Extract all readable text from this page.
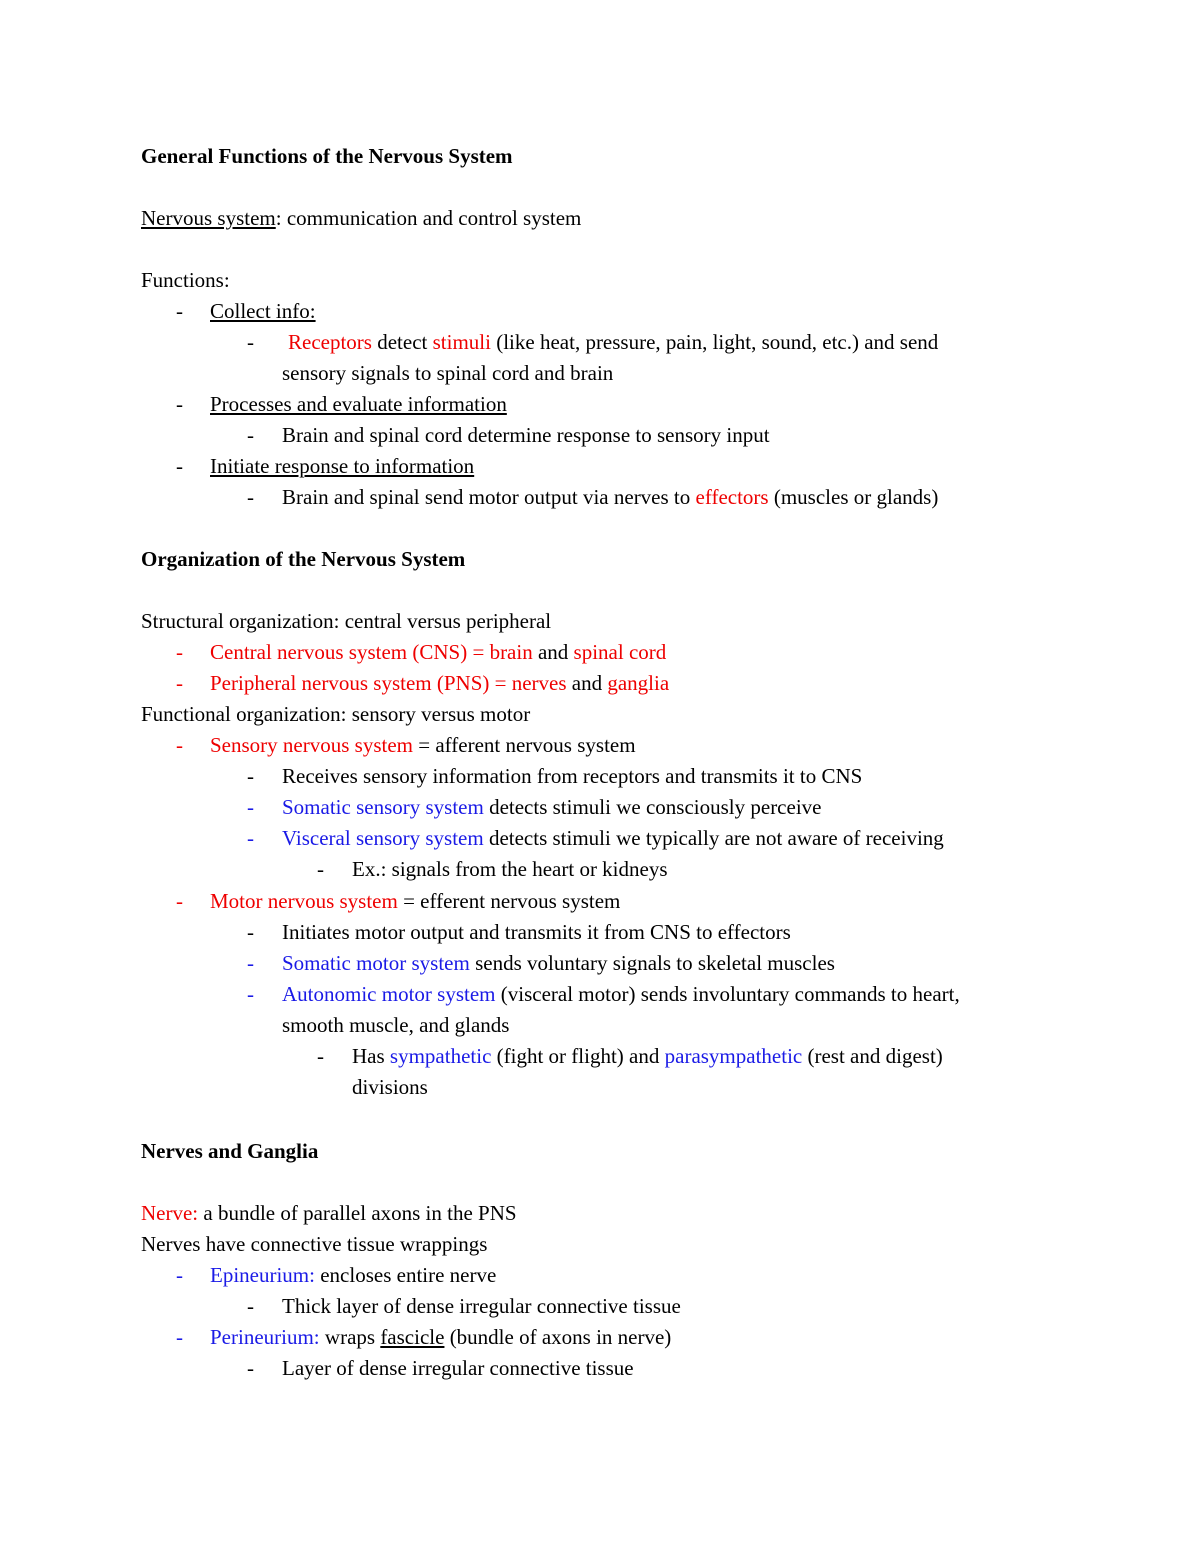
General Functions of the Nervous System
Nervous system: communication and control system
Functions:
- Collect info:
- Receptors detect stimuli (like heat, pressure, pain, light, sound, etc.) and send
sensory signals to spinal cord and brain
- Processes and evaluate information
- Brain and spinal cord determine response to sensory input
- Initiate response to information
- Brain and spinal send motor output via nerves to effectors (muscles or glands)
Organization of the Nervous System
Structural organization: central versus peripheral
- Central nervous system (CNS) = brain and spinal cord
- Peripheral nervous system (PNS) = nerves and ganglia
Functional organization: sensory versus motor
- Sensory nervous system = afferent nervous system
- Receives sensory information from receptors and transmits it to CNS
- Somatic sensory system detects stimuli we consciously perceive
- Visceral sensory system detects stimuli we typically are not aware of receiving
- Ex.: signals from the heart or kidneys
- Motor nervous system = efferent nervous system
- Initiates motor output and transmits it from CNS to effectors
- Somatic motor system sends voluntary signals to skeletal muscles
- Autonomic motor system (visceral motor) sends involuntary commands to heart,
smooth muscle, and glands
- Has sympathetic (fight or flight) and parasympathetic (rest and digest)
divisions
Nerves and Ganglia
Nerve: a bundle of parallel axons in the PNS
Nerves have connective tissue wrappings
- Epineurium: encloses entire nerve
- Thick layer of dense irregular connective tissue
- Perineurium: wraps fascicle (bundle of axons in nerve)
- Layer of dense irregular connective tissue
